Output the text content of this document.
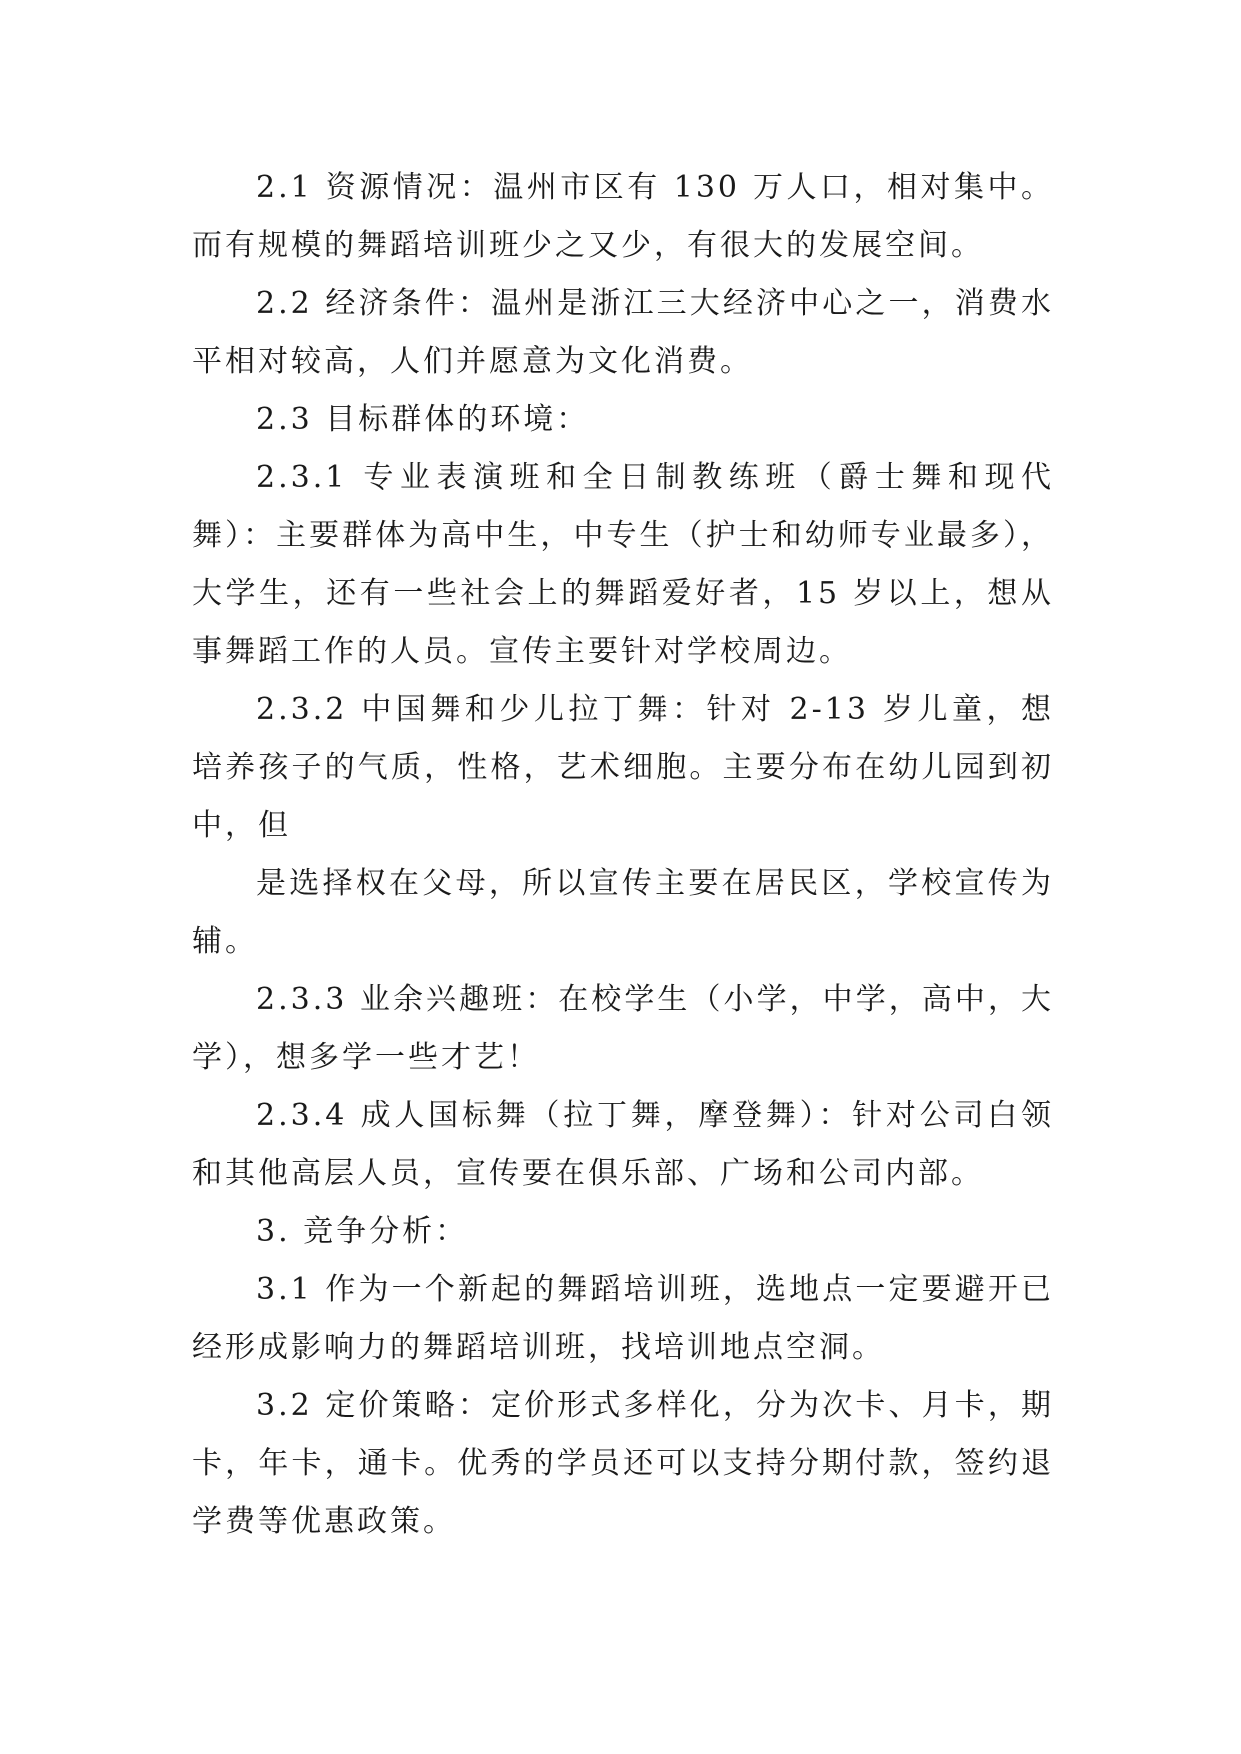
2.1 资源情况：温州市区有 130 万人口，相对集中。而有规模的舞蹈培训班少之又少，有很大的发展空间。

2.2 经济条件：温州是浙江三大经济中心之一，消费水平相对较高，人们并愿意为文化消费。

2.3 目标群体的环境：

2.3.1 专业表演班和全日制教练班（爵士舞和现代舞）：主要群体为高中生，中专生（护士和幼师专业最多），大学生，还有一些社会上的舞蹈爱好者，15 岁以上，想从事舞蹈工作的人员。宣传主要针对学校周边。

2.3.2 中国舞和少儿拉丁舞：针对 2-13 岁儿童，想培养孩子的气质，性格，艺术细胞。主要分布在幼儿园到初中，但

是选择权在父母，所以宣传主要在居民区，学校宣传为辅。

2.3.3 业余兴趣班：在校学生（小学，中学，高中，大学），想多学一些才艺！

2.3.4 成人国标舞（拉丁舞，摩登舞）：针对公司白领和其他高层人员，宣传要在俱乐部、广场和公司内部。

3. 竞争分析：

3.1 作为一个新起的舞蹈培训班，选地点一定要避开已经形成影响力的舞蹈培训班，找培训地点空洞。

3.2 定价策略：定价形式多样化，分为次卡、月卡，期卡，年卡，通卡。优秀的学员还可以支持分期付款，签约退学费等优惠政策。
